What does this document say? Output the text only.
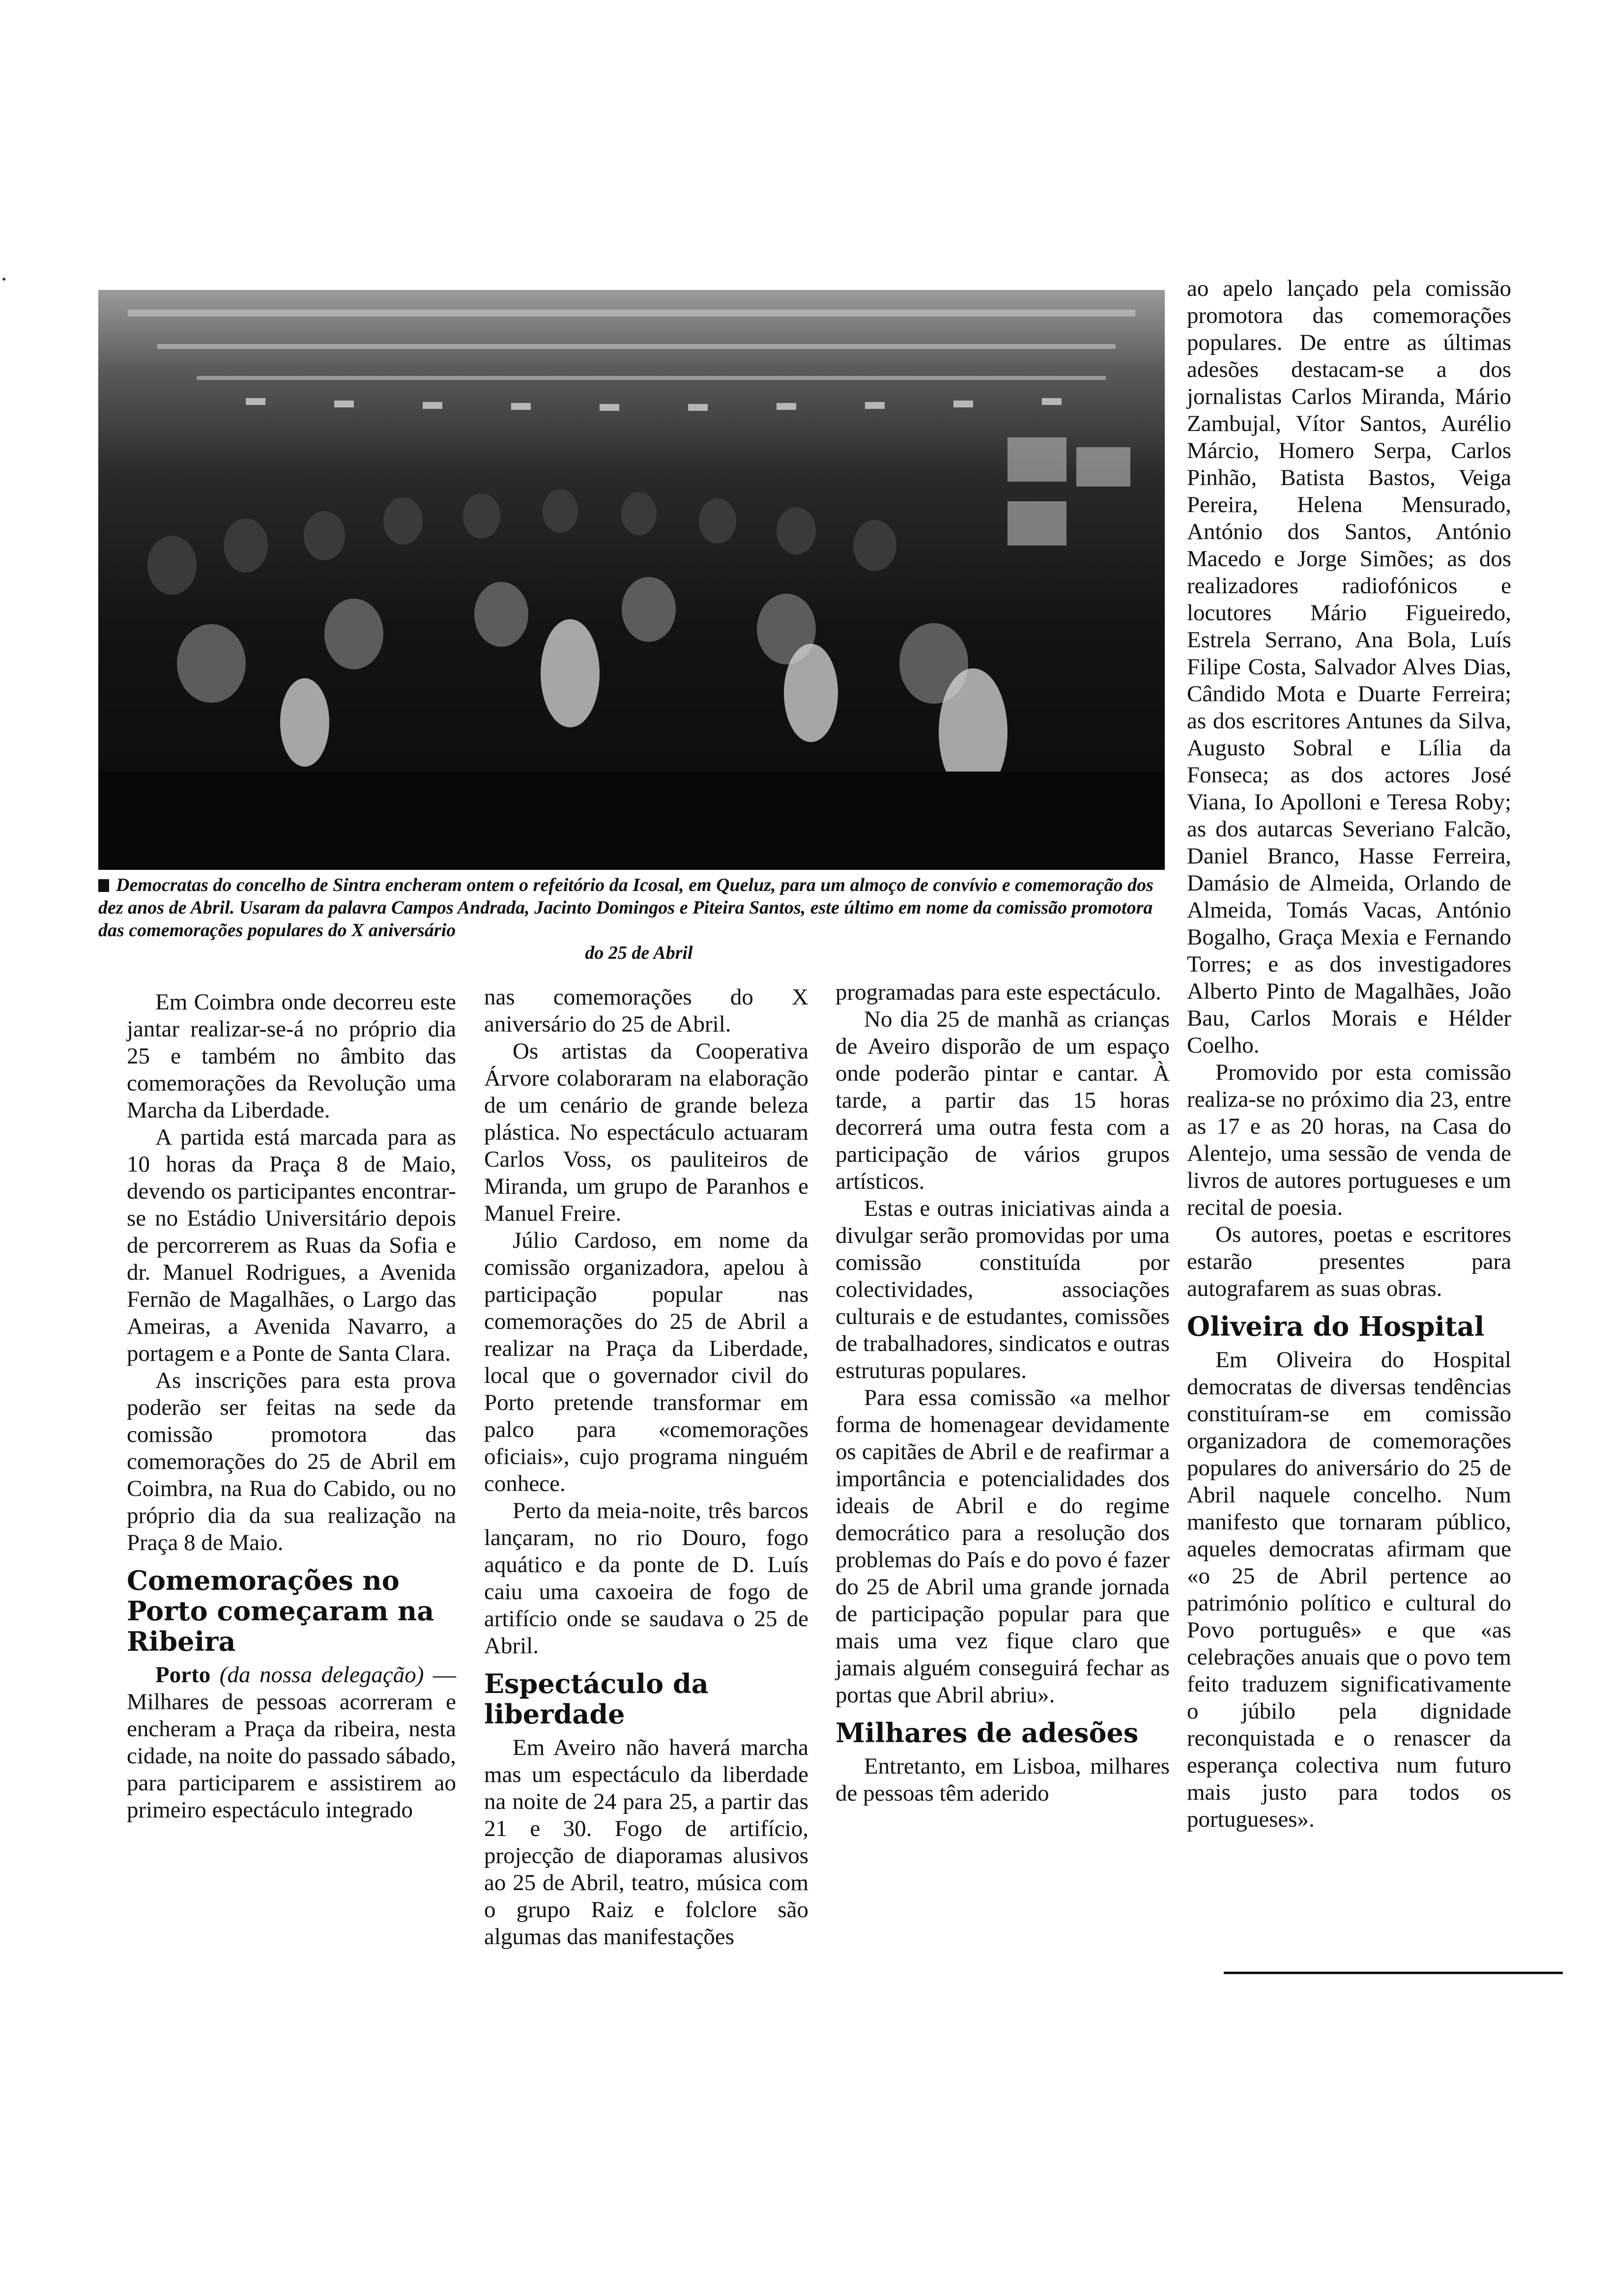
Democratas do concelho de Sintra encheram ontem o refeitório da Icosal, em Queluz, para um almoço de convívio e comemoração dos dez anos de Abril. Usaram da palavra Campos Andrada, Jacinto Domingos e Piteira Santos, este último em nome da comissão promotora das comemorações populares do X aniversário
do 25 de Abril

Em Coimbra onde decorreu este jantar realizar-se-á no próprio dia 25 e também no âmbito das comemorações da Revolução uma Marcha da Liberdade.

A partida está marcada para as 10 horas da Praça 8 de Maio, devendo os participantes encontrar-se no Estádio Universitário depois de percorrerem as Ruas da Sofia e dr. Manuel Rodrigues, a Avenida Fernão de Magalhães, o Largo das Ameiras, a Avenida Navarro, a portagem e a Ponte de Santa Clara.

As inscrições para esta prova poderão ser feitas na sede da comissão promotora das comemorações do 25 de Abril em Coimbra, na Rua do Cabido, ou no próprio dia da sua realização na Praça 8 de Maio.

Comemorações no Porto começaram na Ribeira

Porto (da nossa delegação) — Milhares de pessoas acorreram e encheram a Praça da ribeira, nesta cidade, na noite do passado sábado, para participarem e assistirem ao primeiro espectáculo integrado

nas comemorações do X aniversário do 25 de Abril.

Os artistas da Cooperativa Árvore colaboraram na elaboração de um cenário de grande beleza plástica. No espectáculo actuaram Carlos Voss, os pauliteiros de Miranda, um grupo de Paranhos e Manuel Freire.

Júlio Cardoso, em nome da comissão organizadora, apelou à participação popular nas comemorações do 25 de Abril a realizar na Praça da Liberdade, local que o governador civil do Porto pretende transformar em palco para «comemorações oficiais», cujo programa ninguém conhece.

Perto da meia-noite, três barcos lançaram, no rio Douro, fogo aquático e da ponte de D. Luís caiu uma caxoeira de fogo de artifício onde se saudava o 25 de Abril.

Espectáculo da liberdade

Em Aveiro não haverá marcha mas um espectáculo da liberdade na noite de 24 para 25, a partir das 21 e 30. Fogo de artifício, projecção de diaporamas alusivos ao 25 de Abril, teatro, música com o grupo Raiz e folclore são algumas das manifestações

programadas para este espectáculo.

No dia 25 de manhã as crianças de Aveiro disporão de um espaço onde poderão pintar e cantar. À tarde, a partir das 15 horas decorrerá uma outra festa com a participação de vários grupos artísticos.

Estas e outras iniciativas ainda a divulgar serão promovidas por uma comissão constituída por colectividades, associações culturais e de estudantes, comissões de trabalhadores, sindicatos e outras estruturas populares.

Para essa comissão «a melhor forma de homenagear devidamente os capitães de Abril e de reafirmar a importância e potencialidades dos ideais de Abril e do regime democrático para a resolução dos problemas do País e do povo é fazer do 25 de Abril uma grande jornada de participação popular para que mais uma vez fique claro que jamais alguém conseguirá fechar as portas que Abril abriu».

Milhares de adesões

Entretanto, em Lisboa, milhares de pessoas têm aderido

ao apelo lançado pela comissão promotora das comemorações populares. De entre as últimas adesões destacam-se a dos jornalistas Carlos Miranda, Mário Zambujal, Vítor Santos, Aurélio Márcio, Homero Serpa, Carlos Pinhão, Batista Bastos, Veiga Pereira, Helena Mensurado, António dos Santos, António Macedo e Jorge Simões; as dos realizadores radiofónicos e locutores Mário Figueiredo, Estrela Serrano, Ana Bola, Luís Filipe Costa, Salvador Alves Dias, Cândido Mota e Duarte Ferreira; as dos escritores Antunes da Silva, Augusto Sobral e Lília da Fonseca; as dos actores José Viana, Io Apolloni e Teresa Roby; as dos autarcas Severiano Falcão, Daniel Branco, Hasse Ferreira, Damásio de Almeida, Orlando de Almeida, Tomás Vacas, António Bogalho, Graça Mexia e Fernando Torres; e as dos investigadores Alberto Pinto de Magalhães, João Bau, Carlos Morais e Hélder Coelho.

Promovido por esta comissão realiza-se no próximo dia 23, entre as 17 e as 20 horas, na Casa do Alentejo, uma sessão de venda de livros de autores portugueses e um recital de poesia.

Os autores, poetas e escritores estarão presentes para autografarem as suas obras.

Oliveira do Hospital

Em Oliveira do Hospital democratas de diversas tendências constituíram-se em comissão organizadora de comemorações populares do aniversário do 25 de Abril naquele concelho. Num manifesto que tornaram público, aqueles democratas afirmam que «o 25 de Abril pertence ao património político e cultural do Povo português» e que «as celebrações anuais que o povo tem feito traduzem significativamente o júbilo pela dignidade reconquistada e o renascer da esperança colectiva num futuro mais justo para todos os portugueses».
